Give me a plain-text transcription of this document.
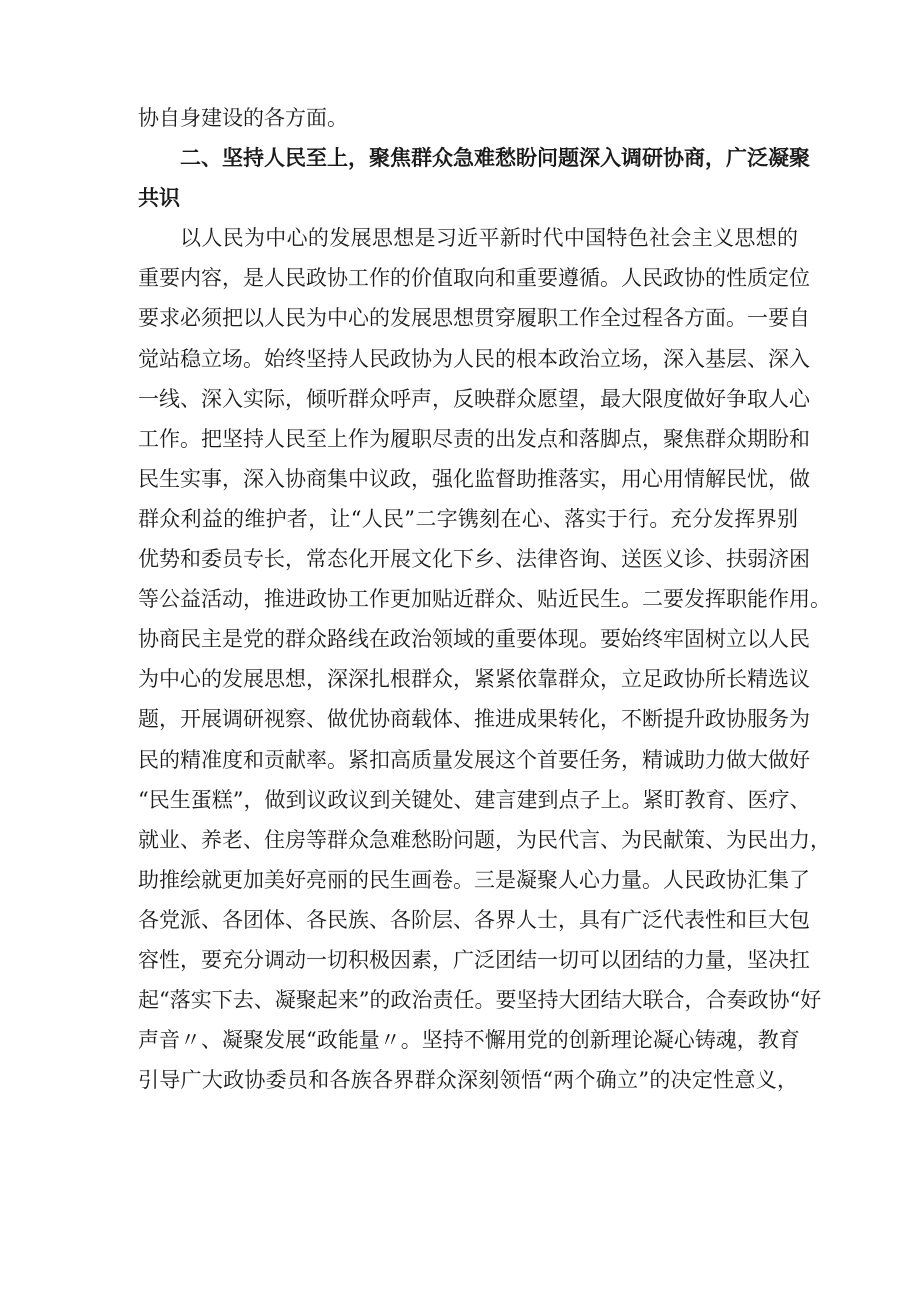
协自身建设的各方面。
二、坚持人民至上，聚焦群众急难愁盼问题深入调研协商，广泛凝聚
共识
以人民为中心的发展思想是习近平新时代中国特色社会主义思想的
重要内容，是人民政协工作的价值取向和重要遵循。人民政协的性质定位
要求必须把以人民为中心的发展思想贯穿履职工作全过程各方面。一要自
觉站稳立场。始终坚持人民政协为人民的根本政治立场，深入基层、深入
一线、深入实际，倾听群众呼声，反映群众愿望，最大限度做好争取人心
工作。把坚持人民至上作为履职尽责的出发点和落脚点，聚焦群众期盼和
民生实事，深入协商集中议政，强化监督助推落实，用心用情解民忧，做
群众利益的维护者，让“人民”二字镌刻在心、落实于行。充分发挥界别
优势和委员专长，常态化开展文化下乡、法律咨询、送医义诊、扶弱济困
等公益活动，推进政协工作更加贴近群众、贴近民生。二要发挥职能作用。
协商民主是党的群众路线在政治领域的重要体现。要始终牢固树立以人民
为中心的发展思想，深深扎根群众，紧紧依靠群众，立足政协所长精选议
题，开展调研视察、做优协商载体、推进成果转化，不断提升政协服务为
民的精准度和贡献率。紧扣高质量发展这个首要任务，精诚助力做大做好
“民生蛋糕”，做到议政议到关键处、建言建到点子上。紧盯教育、医疗、
就业、养老、住房等群众急难愁盼问题，为民代言、为民献策、为民出力，
助推绘就更加美好亮丽的民生画卷。三是凝聚人心力量。人民政协汇集了
各党派、各团体、各民族、各阶层、各界人士，具有广泛代表性和巨大包
容性，要充分调动一切积极因素，广泛团结一切可以团结的力量，坚决扛
起“落实下去、凝聚起来”的政治责任。要坚持大团结大联合，合奏政协“好
声音〃、凝聚发展“政能量〃。坚持不懈用党的创新理论凝心铸魂，教育
引导广大政协委员和各族各界群众深刻领悟“两个确立”的决定性意义，
